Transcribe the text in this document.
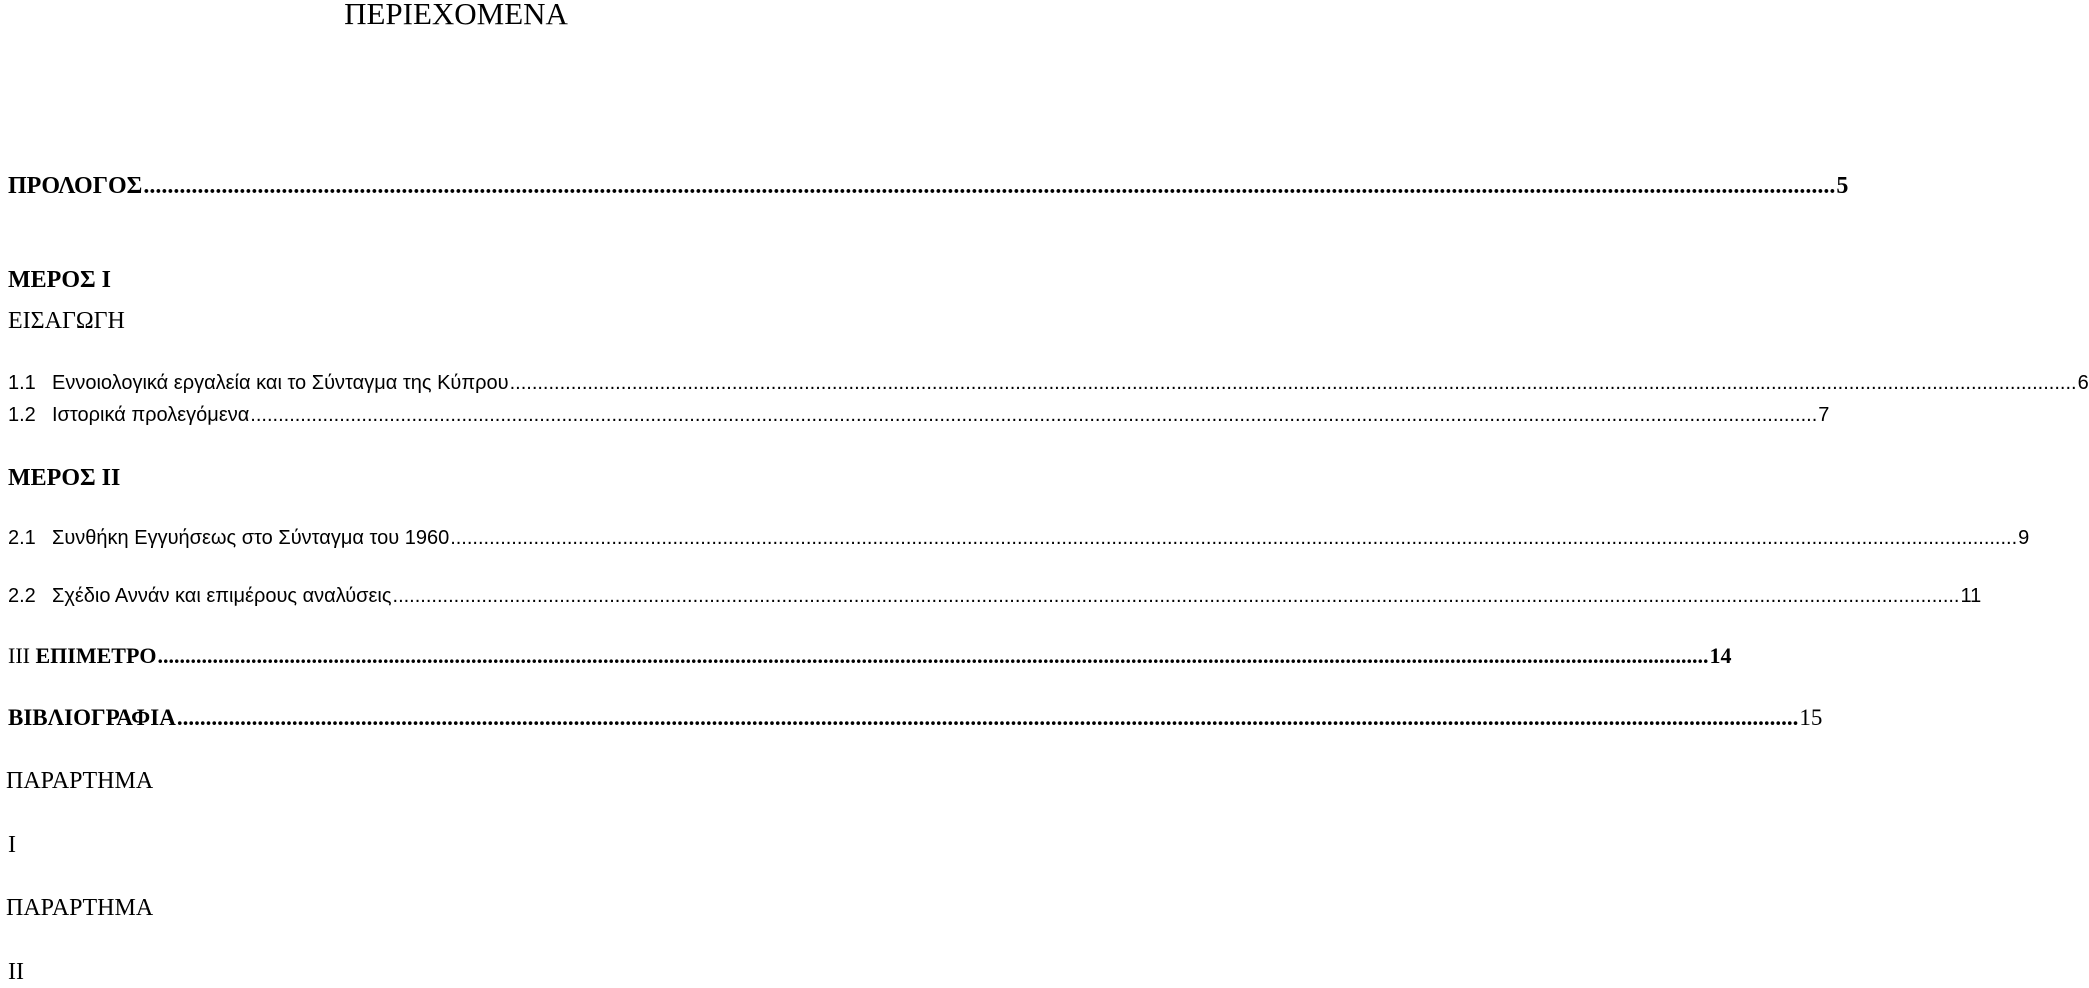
ΠΕΡΙΕΧΟΜΕΝΑ
ΠΡΟΛΟΓΟΣ .....	5
ΜΕΡΟΣ Ι
ΕΙΣΑΓΩΓΗ
1.1 Εννοιολογικά εργαλεία και το Σύνταγμα της Κύπρου .....	6
1.2 Ιστορικά προλεγόμενα .....	7
ΜΕΡΟΣ ΙΙ
2.1 Συνθήκη Εγγυήσεως στο Σύνταγμα του 1960 .....	9
2.2 Σχέδιο Αννάν και επιμέρους αναλύσεις .....	11
ΙΙΙ ΕΠΙΜΕΤΡΟ .....	14
ΒΙΒΛΙΟΓΡΑΦΙΑ .....	15
ΠΑΡΑΡΤΗΜΑ
Ι
ΠΑΡΑΡΤΗΜΑ
ΙΙ
